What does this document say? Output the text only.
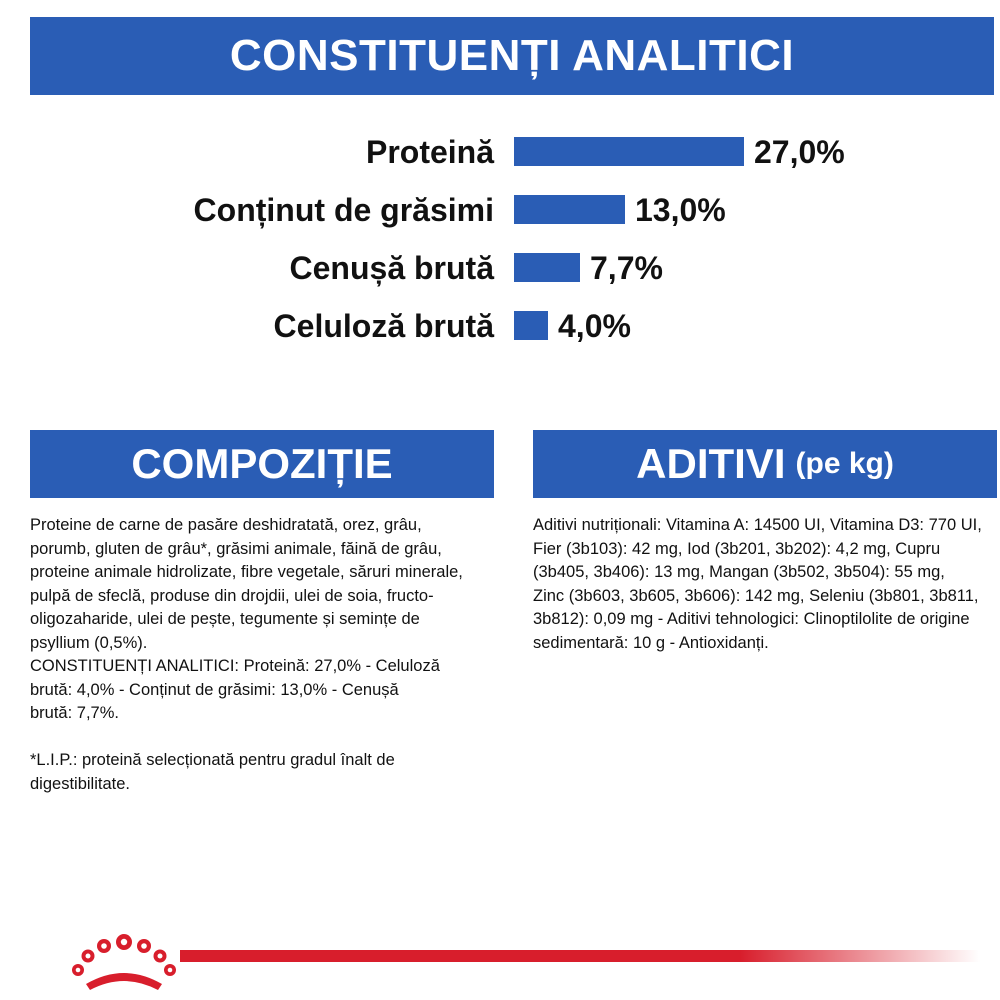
CONSTITUENȚI ANALITICI
Proteină	27,0%
Conținut de grăsimi	13,0%
Cenușă brută	7,7%
Celuloză brută 4,0%
COMPOZIȚIE	ADITIVI (pe kg)

Proteine de carne de pasăre deshidratată, orez, grâu,
porumb, gluten de grâu*, grăsimi animale, făină de grâu,
proteine animale hidrolizate, fibre vegetale, săruri minerale,
pulpă de sfeclă, produse din drojdii, ulei de soia, fructo-
oligozaharide, ulei de pește, tegumente și semințe de
psyllium (0,5%).
CONSTITUENȚI ANALITICI: Proteină: 27,0% - Celuloză
brută: 4,0% - Conținut de grăsimi: 13,0% - Cenușă
brută: 7,7%.

*L.I.P.: proteină selecționată pentru gradul înalt de
digestibilitate.

Aditivi nutriționali: Vitamina A: 14500 UI, Vitamina D3: 770 UI,
Fier (3b103): 42 mg, Iod (3b201, 3b202): 4,2 mg, Cupru
(3b405, 3b406): 13 mg, Mangan (3b502, 3b504): 55 mg,
Zinc (3b603, 3b605, 3b606): 142 mg, Seleniu (3b801, 3b811,
3b812): 0,09 mg - Aditivi tehnologici: Clinoptilolite de origine
sedimentară: 10 g - Antioxidanți.
